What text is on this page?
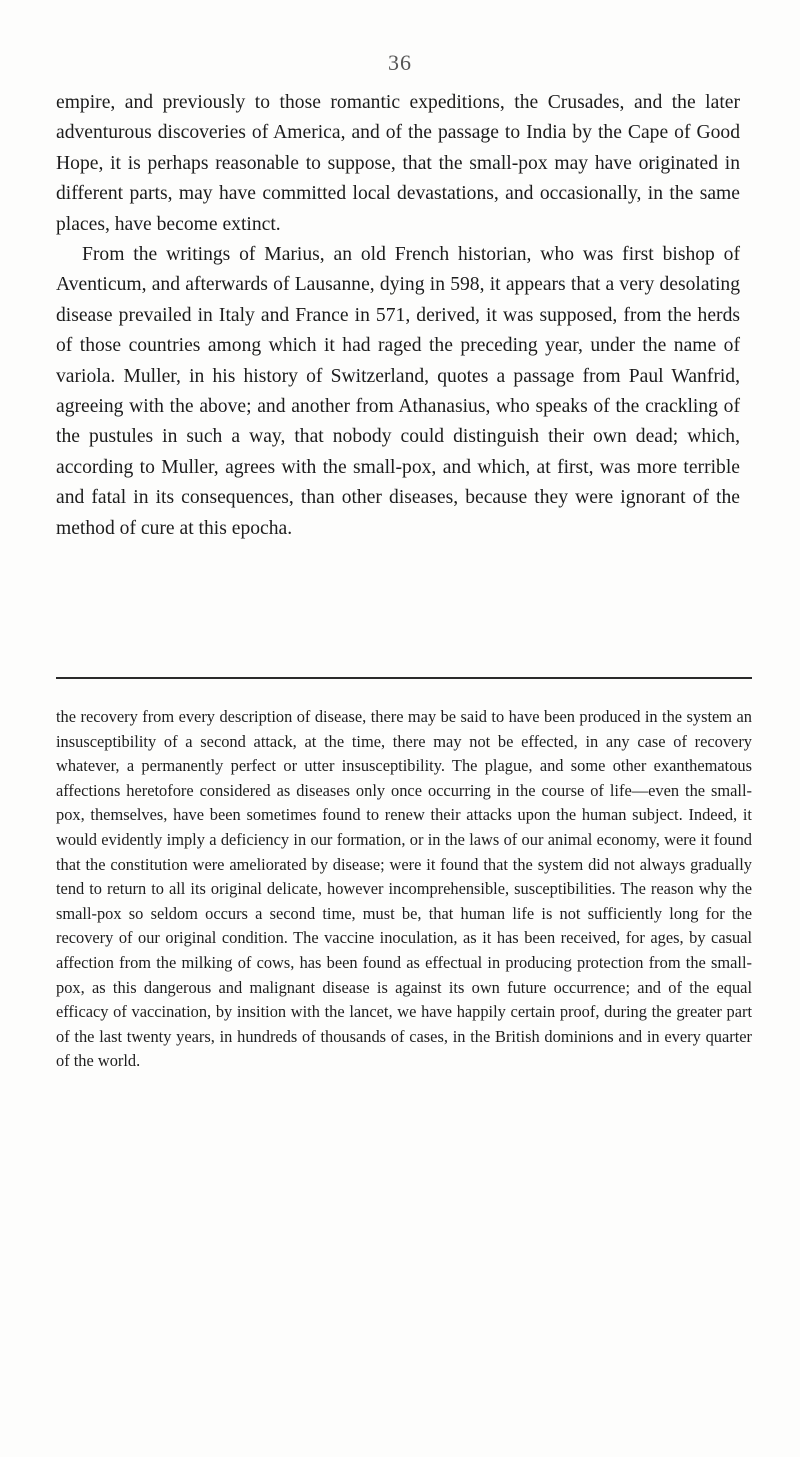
36

empire, and previously to those romantic expeditions, the Crusades, and the later adventurous discoveries of America, and of the passage to India by the Cape of Good Hope, it is perhaps reasonable to suppose, that the small-pox may have originated in different parts, may have committed local devastations, and occasionally, in the same places, have become extinct.

From the writings of Marius, an old French historian, who was first bishop of Aventicum, and afterwards of Lausanne, dying in 598, it appears that a very desolating disease prevailed in Italy and France in 571, derived, it was supposed, from the herds of those countries among which it had raged the preceding year, under the name of variola. Muller, in his history of Switzerland, quotes a passage from Paul Wanfrid, agreeing with the above; and another from Athanasius, who speaks of the crackling of the pustules in such a way, that nobody could distinguish their own dead; which, according to Muller, agrees with the small-pox, and which, at first, was more terrible and fatal in its consequences, than other diseases, because they were ignorant of the method of cure at this epocha.

the recovery from every description of disease, there may be said to have been produced in the system an insusceptibility of a second attack, at the time, there may not be effected, in any case of recovery whatever, a permanently perfect or utter insusceptibility. The plague, and some other exanthematous affections heretofore considered as diseases only once occurring in the course of life—even the small-pox, themselves, have been sometimes found to renew their attacks upon the human subject. Indeed, it would evidently imply a deficiency in our formation, or in the laws of our animal economy, were it found that the constitution were ameliorated by disease; were it found that the system did not always gradually tend to return to all its original delicate, however incomprehensible, susceptibilities. The reason why the small-pox so seldom occurs a second time, must be, that human life is not sufficiently long for the recovery of our original condition. The vaccine inoculation, as it has been received, for ages, by casual affection from the milking of cows, has been found as effectual in producing protection from the small-pox, as this dangerous and malignant disease is against its own future occurrence; and of the equal efficacy of vaccination, by insition with the lancet, we have happily certain proof, during the greater part of the last twenty years, in hundreds of thousands of cases, in the British dominions and in every quarter of the world.
